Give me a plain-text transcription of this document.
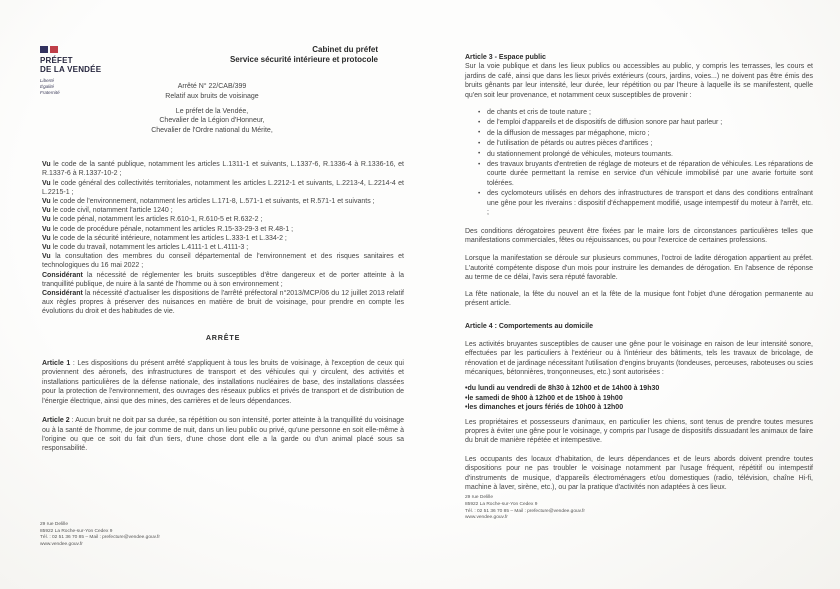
PRÉFET
DE LA VENDÉE
Liberté
Égalité
Fraternité
Cabinet du préfet
Service sécurité intérieure et protocole
Arrêté N° 22/CAB/399
Relatif aux bruits de voisinage
Le préfet de la Vendée,
Chevalier de la Légion d'Honneur,
Chevalier de l'Ordre national du Mérite,

Vu le code de la santé publique, notamment les articles L.1311-1 et suivants, L.1337-6, R.1336-4 à R.1336-16, et R.1337-6 à R.1337-10-2 ;

Vu le code général des collectivités territoriales, notamment les articles L.2212-1 et suivants, L.2213-4, L.2214-4 et L.2215-1 ;

Vu le code de l'environnement, notamment les articles L.171-8, L.571-1 et suivants, et R.571-1 et suivants ;

Vu le code civil, notamment l'article 1240 ;

Vu le code pénal, notamment les articles R.610-1, R.610-5 et R.632-2 ;

Vu le code de procédure pénale, notamment les articles R.15-33-29-3 et R.48-1 ;

Vu le code de la sécurité intérieure, notamment les articles L.333-1 et L.334-2 ;

Vu le code du travail, notamment les articles L.4111-1 et L.4111-3 ;

Vu la consultation des membres du conseil départemental de l'environnement et des risques sanitaires et technologiques du 16 mai 2022 ;

Considérant la nécessité de réglementer les bruits susceptibles d'être dangereux et de porter atteinte à la tranquillité publique, de nuire à la santé de l'homme ou à son environnement ;

Considérant la nécessité d'actualiser les dispositions de l'arrêté préfectoral n°2013/MCP/06 du 12 juillet 2013 relatif aux règles propres à préserver des nuisances en matière de bruit de voisinage, pour prendre en compte les évolutions du droit et des habitudes de vie.

ARRÊTE

Article 1 : Les dispositions du présent arrêté s'appliquent à tous les bruits de voisinage, à l'exception de ceux qui proviennent des aéronefs, des infrastructures de transport et des véhicules qui y circulent, des activités et installations particulières de la défense nationale, des installations nucléaires de base, des installations classées pour la protection de l'environnement, des ouvrages des réseaux publics et privés de transport et de distribution de l'énergie électrique, ainsi que des mines, des carrières et de leurs dépendances.

Article 2 : Aucun bruit ne doit par sa durée, sa répétition ou son intensité, porter atteinte à la tranquillité du voisinage ou à la santé de l'homme, de jour comme de nuit, dans un lieu public ou privé, qu'une personne en soit elle-même à l'origine ou que ce soit du fait d'un tiers, d'une chose dont elle a la garde ou d'un animal placé sous sa responsabilité.

29 rue Delille
85922 La Roche-sur-Yon Cedex 9
Tél. : 02 51 36 70 85 – Mail : prefecture@vendee.gouv.fr
www.vendee.gouv.fr

Article 3 - Espace public

Sur la voie publique et dans les lieux publics ou accessibles au public, y compris les terrasses, les cours et jardins de café, ainsi que dans les lieux privés extérieurs (cours, jardins, voies...) ne doivent pas être émis des bruits gênants par leur intensité, leur durée, leur répétition ou par l'heure à laquelle ils se manifestent, quelle qu'en soit leur provenance, et notamment ceux susceptibles de provenir :

• de chants et cris de toute nature ;
• de l'emploi d'appareils et de dispositifs de diffusion sonore par haut parleur ;
• de la diffusion de messages par mégaphone, micro ;
• de l'utilisation de pétards ou autres pièces d'artifices ;
• du stationnement prolongé de véhicules, moteurs tournants.
• des travaux bruyants d'entretien de réglage de moteurs et de réparation de véhicules. Les réparations de courte durée permettant la remise en service d'un véhicule immobilisé par une avarie fortuite sont tolérées.
• des cyclomoteurs utilisés en dehors des infrastructures de transport et dans des conditions entraînant une gêne pour les riverains : dispositif d'échappement modifié, usage intempestif du moteur à l'arrêt, etc. ;

Des conditions dérogatoires peuvent être fixées par le maire lors de circonstances particulières telles que manifestations commerciales, fêtes ou réjouissances, ou pour l'exercice de certaines professions.

Lorsque la manifestation se déroule sur plusieurs communes, l'octroi de ladite dérogation appartient au préfet. L'autorité compétente dispose d'un mois pour instruire les demandes de dérogation. En l'absence de réponse au terme de ce délai, l'avis sera réputé favorable.

La fête nationale, la fête du nouvel an et la fête de la musique font l'objet d'une dérogation permanente au présent article.

Article 4 : Comportements au domicile

Les activités bruyantes susceptibles de causer une gêne pour le voisinage en raison de leur intensité sonore, effectuées par les particuliers à l'extérieur ou à l'intérieur des bâtiments, tels les travaux de bricolage, de rénovation et de jardinage nécessitant l'utilisation d'engins bruyants (tondeuses, perceuses, raboteuses ou scies mécaniques, bétonnières, tronçonneuses, etc.) sont autorisées :

• du lundi au vendredi de 8h30 à 12h00 et de 14h00 à 19h30
• le samedi de 9h00 à 12h00 et de 15h00 à 19h00
• les dimanches et jours fériés de 10h00 à 12h00

Les propriétaires et possesseurs d'animaux, en particulier les chiens, sont tenus de prendre toutes mesures propres à éviter une gêne pour le voisinage, y compris par l'usage de dispositifs dissuadant les animaux de faire du bruit de manière répétée et intempestive.

Les occupants des locaux d'habitation, de leurs dépendances et de leurs abords doivent prendre toutes dispositions pour ne pas troubler le voisinage notamment par l'usage fréquent, répétitif ou intempestif d'instruments de musique, d'appareils électroménagers et/ou domestiques (radio, télévision, chaîne Hi-fi, machine à laver, sirène, etc.), ou par la pratique d'activités non adaptées à ces lieux.

29 rue Delille
85922 La Roche-sur-Yon Cedex 9
Tél. : 02 51 36 70 85 – Mail : prefecture@vendee.gouv.fr
www.vendee.gouv.fr
